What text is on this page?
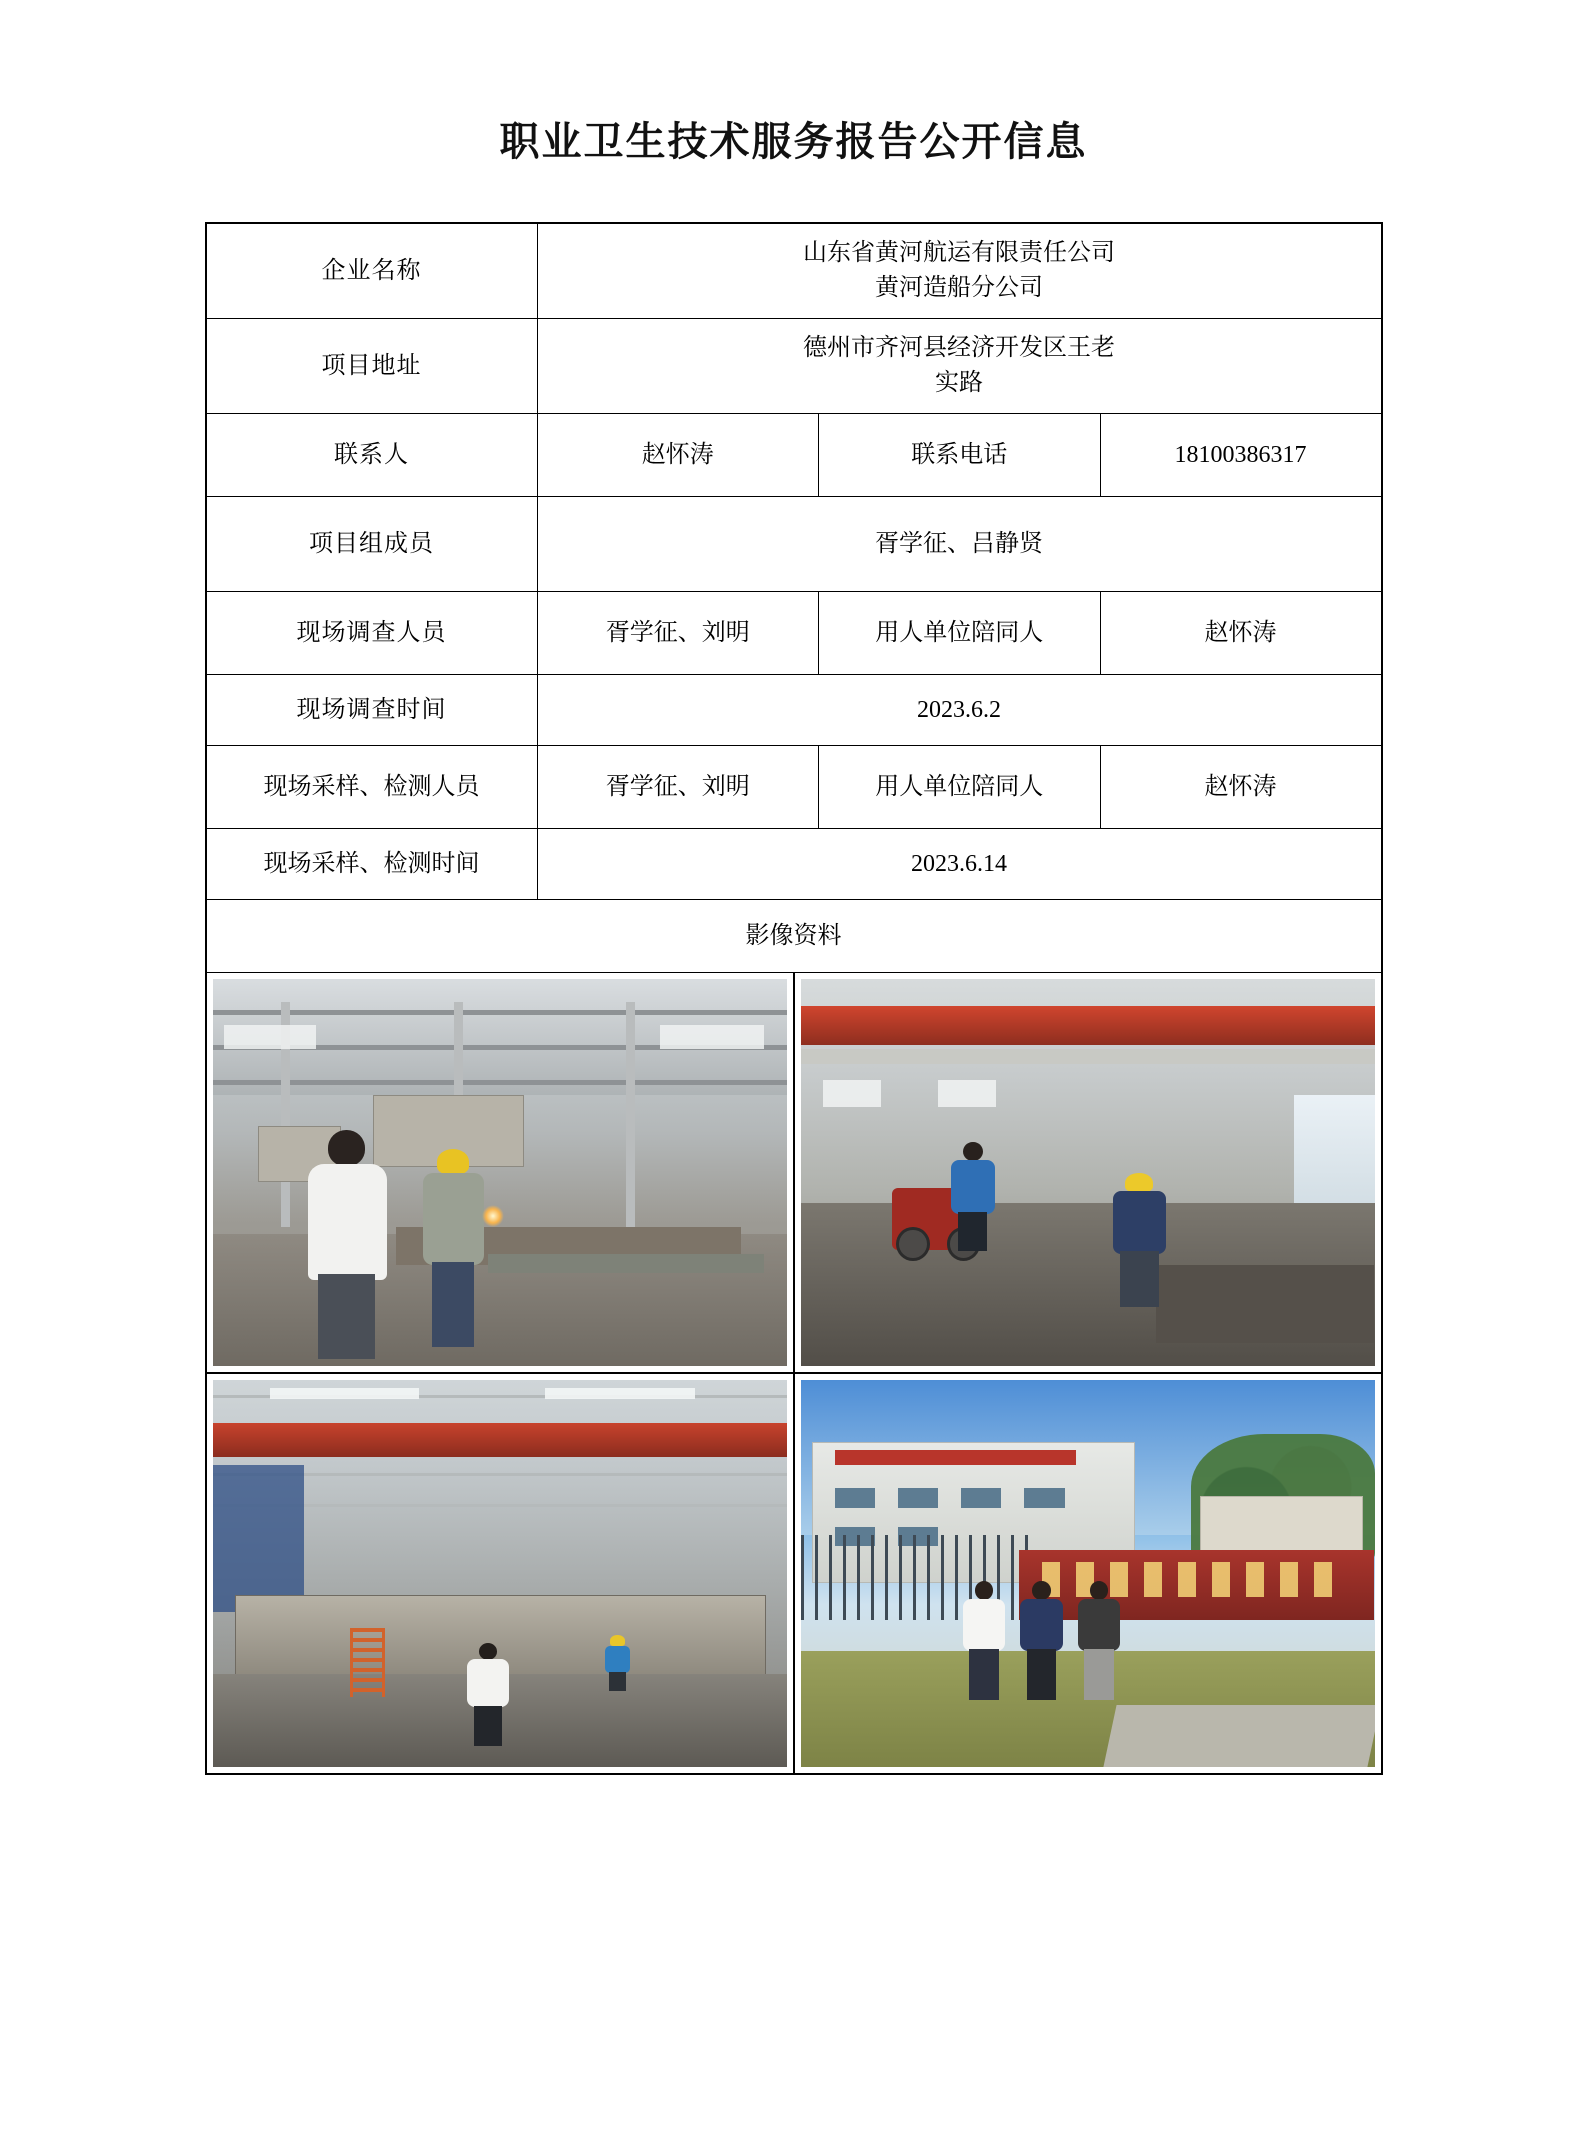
职业卫生技术服务报告公开信息
企业名称	山东省黄河航运有限责任公司
黄河造船分公司		

项目地址	德州市齐河县经济开发区王老
实路		

联系人	赵怀涛	联系电话	18100386317
项目组成员	胥学征、吕静贤		
现场调查人员	胥学征、刘明	用人单位陪同人	赵怀涛
现场调查时间	2023.6.2		
现场采样、检测人员	胥学征、刘明	用人单位陪同人	赵怀涛
现场采样、检测时间	2023.6.14		
影像资料			
